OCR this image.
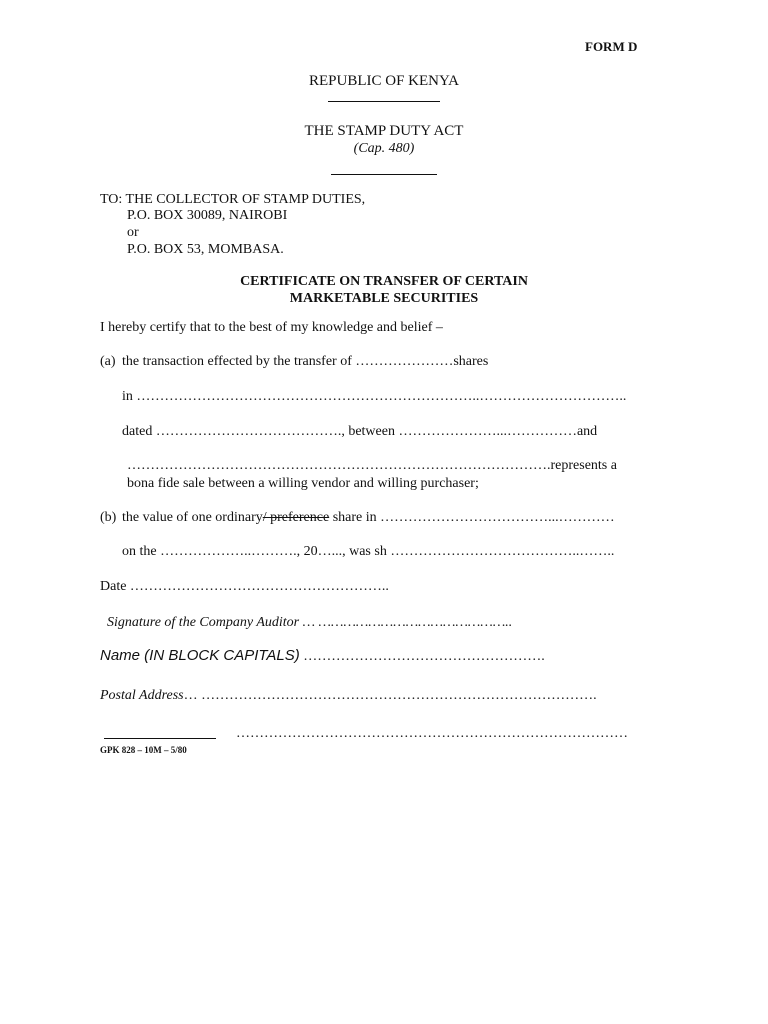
FORM D
REPUBLIC OF KENYA
THE STAMP DUTY ACT
(Cap. 480)
TO: THE COLLECTOR OF STAMP DUTIES,
P.O. BOX 30089, NAIROBI
or
P.O. BOX 53, MOMBASA.
CERTIFICATE ON TRANSFER OF CERTAIN
MARKETABLE SECURITIES
I hereby certify that to the best of my knowledge and belief –
(a) the transaction effected by the transfer of …………………shares
in ………………………………………………………………..…………………………..
dated …………………………………., between …………………...……………and
……………………………………………………………………………….represents a
bona fide sale between a willing vendor and willing purchaser;
(b) the value of one ordinary/ preference share in ………………………………...…………
on the ………………..………., 20…..., was sh …………………………………..……..
Date ………………………………………………..
Signature of the Company Auditor … ………………………………………..
Name (IN BLOCK CAPITALS) …………………………………………….
Postal Address… ………………………………………………………………………….
…………………………………………………………………………
GPK 828 – 10M – 5/80
